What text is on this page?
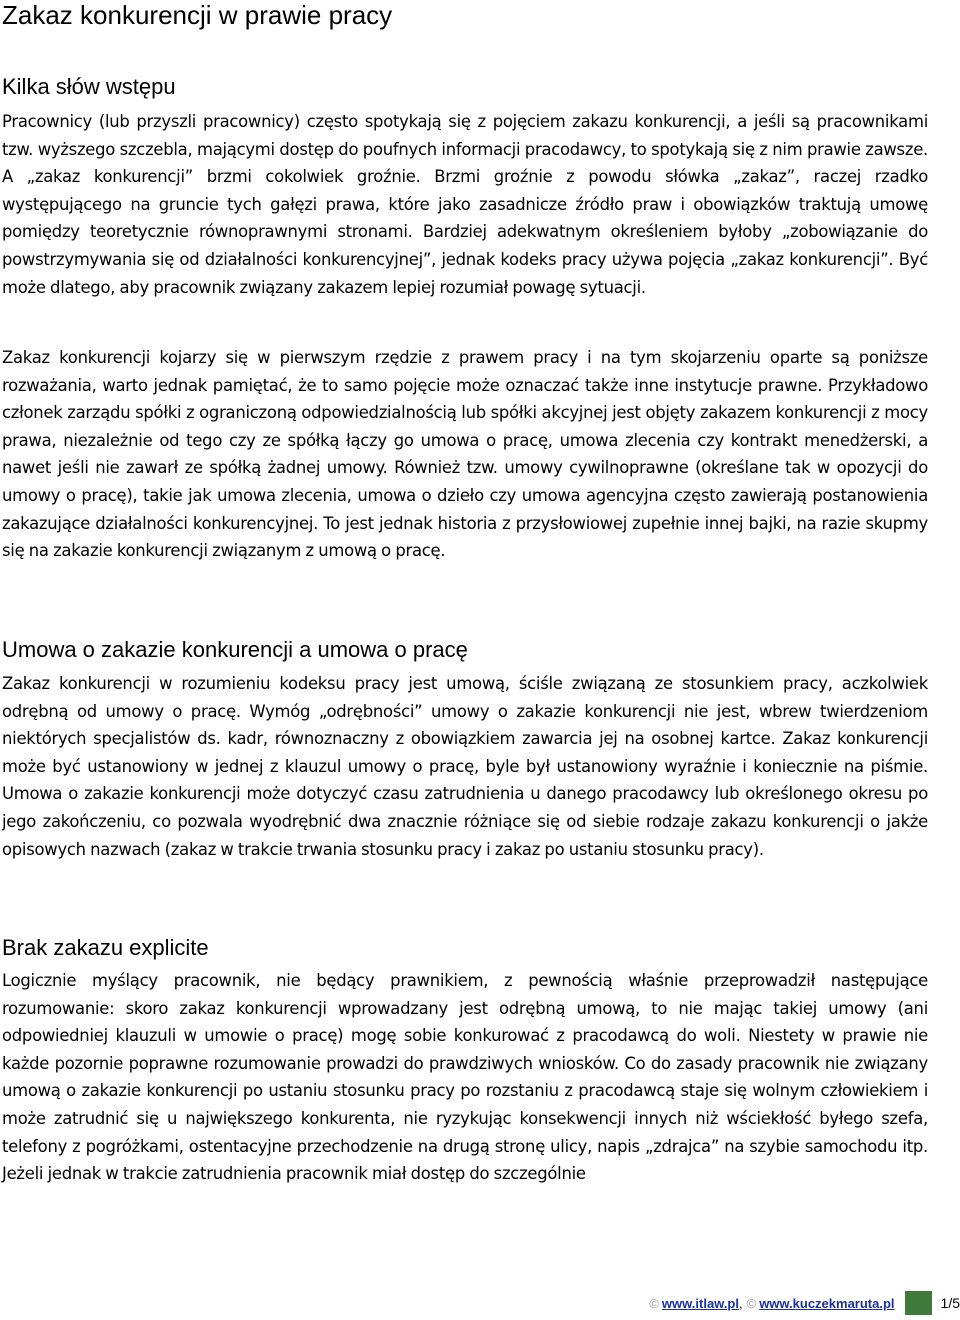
Zakaz konkurencji w prawie pracy
Kilka słów wstępu

Pracownicy (lub przyszli pracownicy) często spotykają się z pojęciem zakazu konkurencji, a jeśli są pracownikami tzw. wyższego szczebla, mającymi dostęp do poufnych informacji pracodawcy, to spotykają się z nim prawie zawsze. A „zakaz konkurencji” brzmi cokolwiek groźnie. Brzmi groźnie z powodu słówka „zakaz”, raczej rzadko występującego na gruncie tych gałęzi prawa, które jako zasadnicze źródło praw i obowiązków traktują umowę pomiędzy teoretycznie równoprawnymi stronami. Bardziej adekwatnym określeniem byłoby „zobowiązanie do powstrzymywania się od działalności konkurencyjnej”, jednak kodeks pracy używa pojęcia „zakaz konkurencji”. Być może dlatego, aby pracownik związany zakazem lepiej rozumiał powagę sytuacji.

Zakaz konkurencji kojarzy się w pierwszym rzędzie z prawem pracy i na tym skojarzeniu oparte są poniższe rozważania, warto jednak pamiętać, że to samo pojęcie może oznaczać także inne instytucje prawne. Przykładowo członek zarządu spółki z ograniczoną odpowiedzialnością lub spółki akcyjnej jest objęty zakazem konkurencji z mocy prawa, niezależnie od tego czy ze spółką łączy go umowa o pracę, umowa zlecenia czy kontrakt menedżerski, a nawet jeśli nie zawarł ze spółką żadnej umowy. Również tzw. umowy cywilnoprawne (określane tak w opozycji do umowy o pracę), takie jak umowa zlecenia, umowa o dzieło czy umowa agencyjna często zawierają postanowienia zakazujące działalności konkurencyjnej. To jest jednak historia z przysłowiowej zupełnie innej bajki, na razie skupmy się na zakazie konkurencji związanym z umową o pracę.

Umowa o zakazie konkurencji a umowa o pracę

Zakaz konkurencji w rozumieniu kodeksu pracy jest umową, ściśle związaną ze stosunkiem pracy, aczkolwiek odrębną od umowy o pracę. Wymóg „odrębności” umowy o zakazie konkurencji nie jest, wbrew twierdzeniom niektórych specjalistów ds. kadr, równoznaczny z obowiązkiem zawarcia jej na osobnej kartce. Zakaz konkurencji może być ustanowiony w jednej z klauzul umowy o pracę, byle był ustanowiony wyraźnie i koniecznie na piśmie. Umowa o zakazie konkurencji może dotyczyć czasu zatrudnienia u danego pracodawcy lub określonego okresu po jego zakończeniu, co pozwala wyodrębnić dwa znacznie różniące się od siebie rodzaje zakazu konkurencji o jakże opisowych nazwach (zakaz w trakcie trwania stosunku pracy i zakaz po ustaniu stosunku pracy).

Brak zakazu explicite

Logicznie myślący pracownik, nie będący prawnikiem, z pewnością właśnie przeprowadził następujące rozumowanie: skoro zakaz konkurencji wprowadzany jest odrębną umową, to nie mając takiej umowy (ani odpowiedniej klauzuli w umowie o pracę) mogę sobie konkurować z pracodawcą do woli. Niestety w prawie nie każde pozornie poprawne rozumowanie prowadzi do prawdziwych wniosków. Co do zasady pracownik nie związany umową o zakazie konkurencji po ustaniu stosunku pracy po rozstaniu z pracodawcą staje się wolnym człowiekiem i może zatrudnić się u największego konkurenta, nie ryzykując konsekwencji innych niż wściekłość byłego szefa, telefony z pogróżkami, ostentacyjne przechodzenie na drugą stronę ulicy, napis „zdrajca” na szybie samochodu itp. Jeżeli jednak w trakcie zatrudnienia pracownik miał dostęp do szczególnie

© www.itlaw.pl , © www.kuczekmaruta.pl	1/5
